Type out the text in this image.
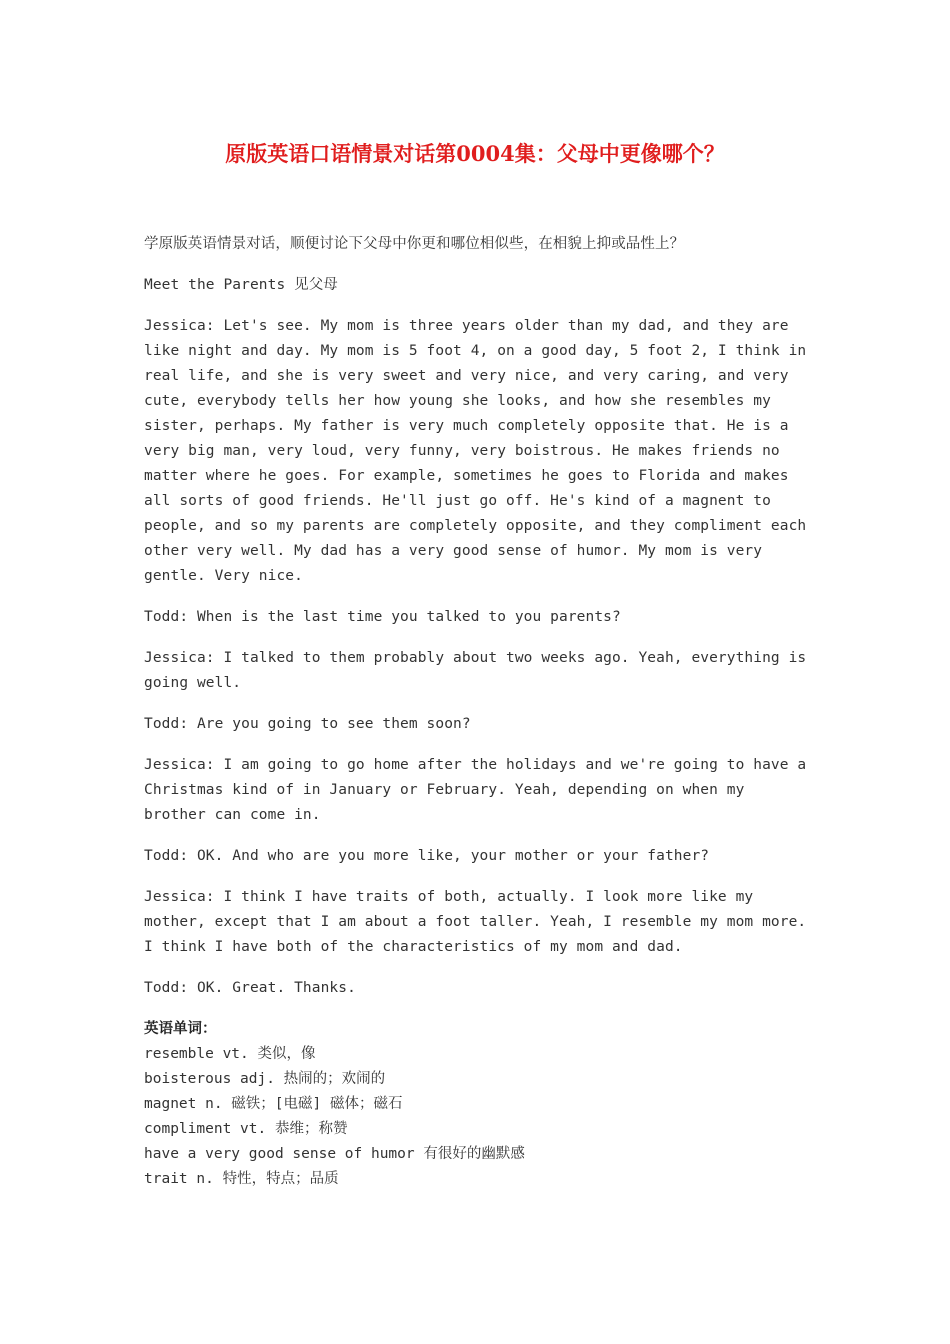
原版英语口语情景对话第0004集：父母中更像哪个？

学原版英语情景对话，顺便讨论下父母中你更和哪位相似些，在相貌上抑或品性上？

Meet the Parents 见父母

Jessica: Let's see. My mom is three years older than my dad, and they are like night and day. My mom is 5 foot 4, on a good day, 5 foot 2, I think in real life, and she is very sweet and very nice, and very caring, and very cute, everybody tells her how young she looks, and how she resembles my sister, perhaps. My father is very much completely opposite that. He is a very big man, very loud, very funny, very boistrous. He makes friends no matter where he goes. For example, sometimes he goes to Florida and makes all sorts of good friends. He'll just go off. He's kind of a magnent to people, and so my parents are completely opposite, and they compliment each other very well. My dad has a very good sense of humor. My mom is very gentle. Very nice.

Todd: When is the last time you talked to you parents?

Jessica: I talked to them probably about two weeks ago. Yeah, everything is going well.

Todd: Are you going to see them soon?

Jessica: I am going to go home after the holidays and we're going to have a Christmas kind of in January or February. Yeah, depending on when my brother can come in.

Todd: OK. And who are you more like, your mother or your father?

Jessica: I think I have traits of both, actually. I look more like my mother, except that I am about a foot taller. Yeah, I resemble my mom more. I think I have both of the characteristics of my mom and dad.

Todd: OK. Great. Thanks.

英语单词：
resemble vt. 类似，像
boisterous adj. 热闹的；欢闹的
magnet n. 磁铁；[电磁] 磁体；磁石
compliment vt. 恭维；称赞
have a very good sense of humor 有很好的幽默感
trait n. 特性，特点；品质
